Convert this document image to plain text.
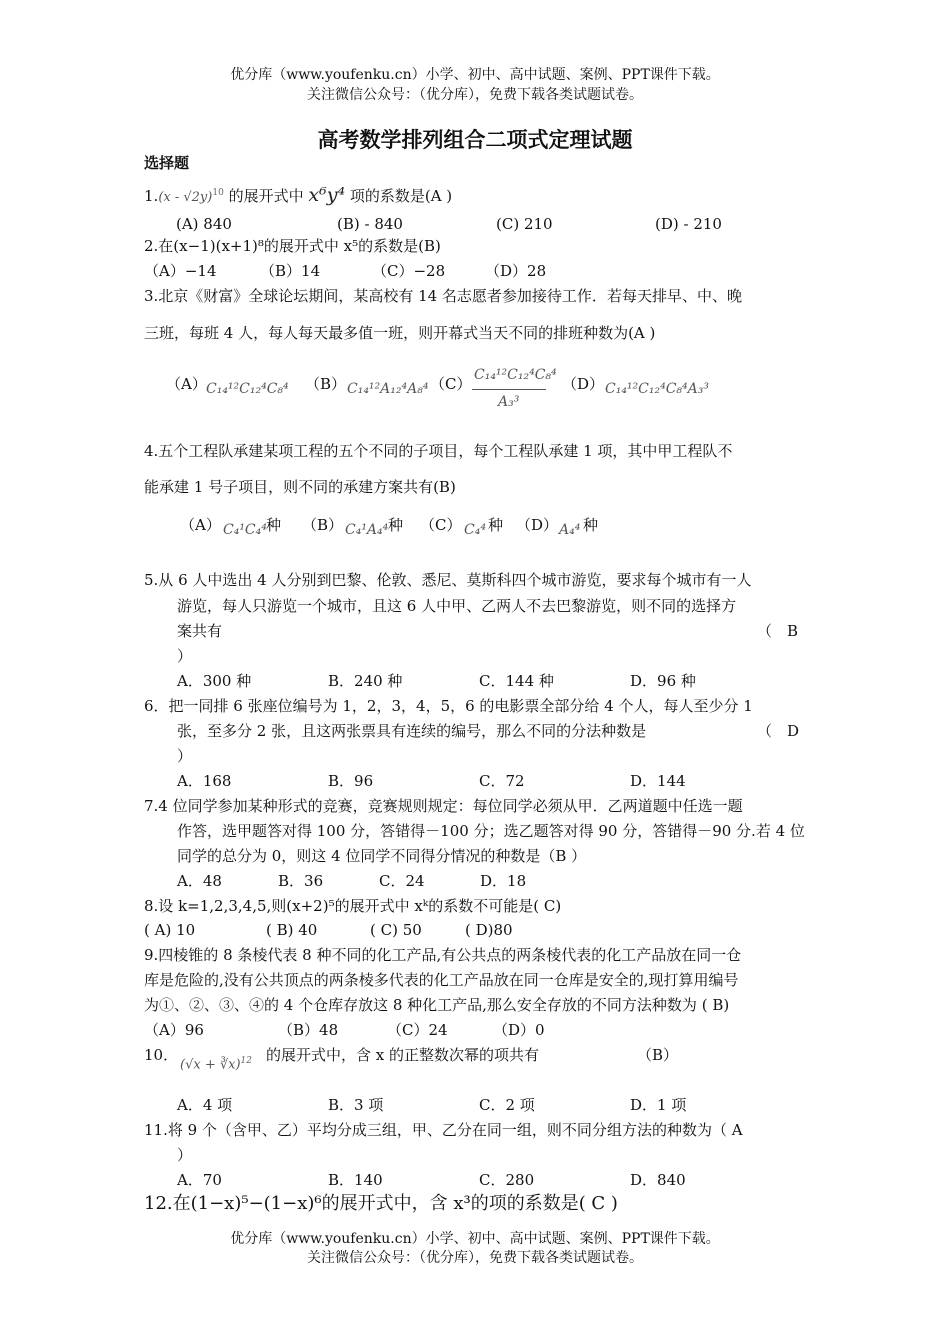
优分库（www.youfenku.cn）小学、初中、高中试题、案例、PPT课件下载。
关注微信公众号：（优分库），免费下载各类试题试卷。
高考数学排列组合二项式定理试题
选择题
1.(x - √2y)$^{10}$ 的展开式中 x⁶y⁴ 项的系数是(A )
(A) 840	(B) - 840	(C) 210	(D) - 210
2.在(x−1)(x+1)⁸的展开式中 x⁵的系数是(B)
（A）−14	（B）14	（C）−28	（D）28
3.北京《财富》全球论坛期间，某高校有 14 名志愿者参加接待工作．若每天排早、中、晚
三班，每班 4 人，每人每天最多值一班，则开幕式当天不同的排班种数为(A )
（A） C₁₄¹²C₁₂⁴C₈⁴ （B） C₁₄¹²A₁₂⁴A₈⁴ （C） C₁₄¹²C₁₂⁴C₈⁴
A₃³
（D） C₁₄¹²C₁₂⁴C₈⁴A₃³
4.五个工程队承建某项工程的五个不同的子项目，每个工程队承建 1 项，其中甲工程队不
能承建 1 号子项目，则不同的承建方案共有(B)
（A） C₄¹C₄⁴ 种 （B） C₄¹A₄⁴ 种 （C） C₄⁴ 种 （D） A₄⁴ 种
5.从 6 人中选出 4 人分别到巴黎、伦敦、悉尼、莫斯科四个城市游览，要求每个城市有一人
游览，每人只游览一个城市，且这 6 人中甲、乙两人不去巴黎游览，则不同的选择方
案共有	（　B
）
A．300 种	B．240 种	C．144 种	D．96 种
6．把一同排 6 张座位编号为 1，2，3，4，5，6 的电影票全部分给 4 个人，每人至少分 1
张，至多分 2 张，且这两张票具有连续的编号，那么不同的分法种数是	（　D
）
A．168	B．96	C．72	D．144
7.4 位同学参加某种形式的竞赛，竞赛规则规定：每位同学必须从甲．乙两道题中任选一题
作答，选甲题答对得 100 分，答错得－100 分；选乙题答对得 90 分，答错得－90 分.若 4 位
同学的总分为 0，则这 4 位同学不同得分情况的种数是（B ）
A．48	B．36	C．24	D．18
8.设 k=1,2,3,4,5,则(x+2)⁵的展开式中 xᵏ的系数不可能是( C)
( A) 10	( B) 40	( C) 50	( D)80
9.四棱锥的 8 条棱代表 8 种不同的化工产品,有公共点的两条棱代表的化工产品放在同一仓
库是危险的,没有公共顶点的两条棱多代表的化工产品放在同一仓库是安全的,现打算用编号
为①、②、③、④的 4 个仓库存放这 8 种化工产品,那么安全存放的不同方法种数为 ( B)
（A）96	（B）48	（C）24	（D）0
10．
(√x + ∛x)$^{12}$ 的展开式中，含 x 的正整数次幂的项共有	（B）
A．4 项	B．3 项	C．2 项	D．1 项
11.将 9 个（含甲、乙）平均分成三组，甲、乙分在同一组，则不同分组方法的种数为（ A
）
A．70	B．140	C．280	D．840
12.在(1−x)⁵−(1−x)⁶的展开式中，含 x³的项的系数是( C )
优分库（www.youfenku.cn）小学、初中、高中试题、案例、PPT课件下载。
关注微信公众号：（优分库），免费下载各类试题试卷。
